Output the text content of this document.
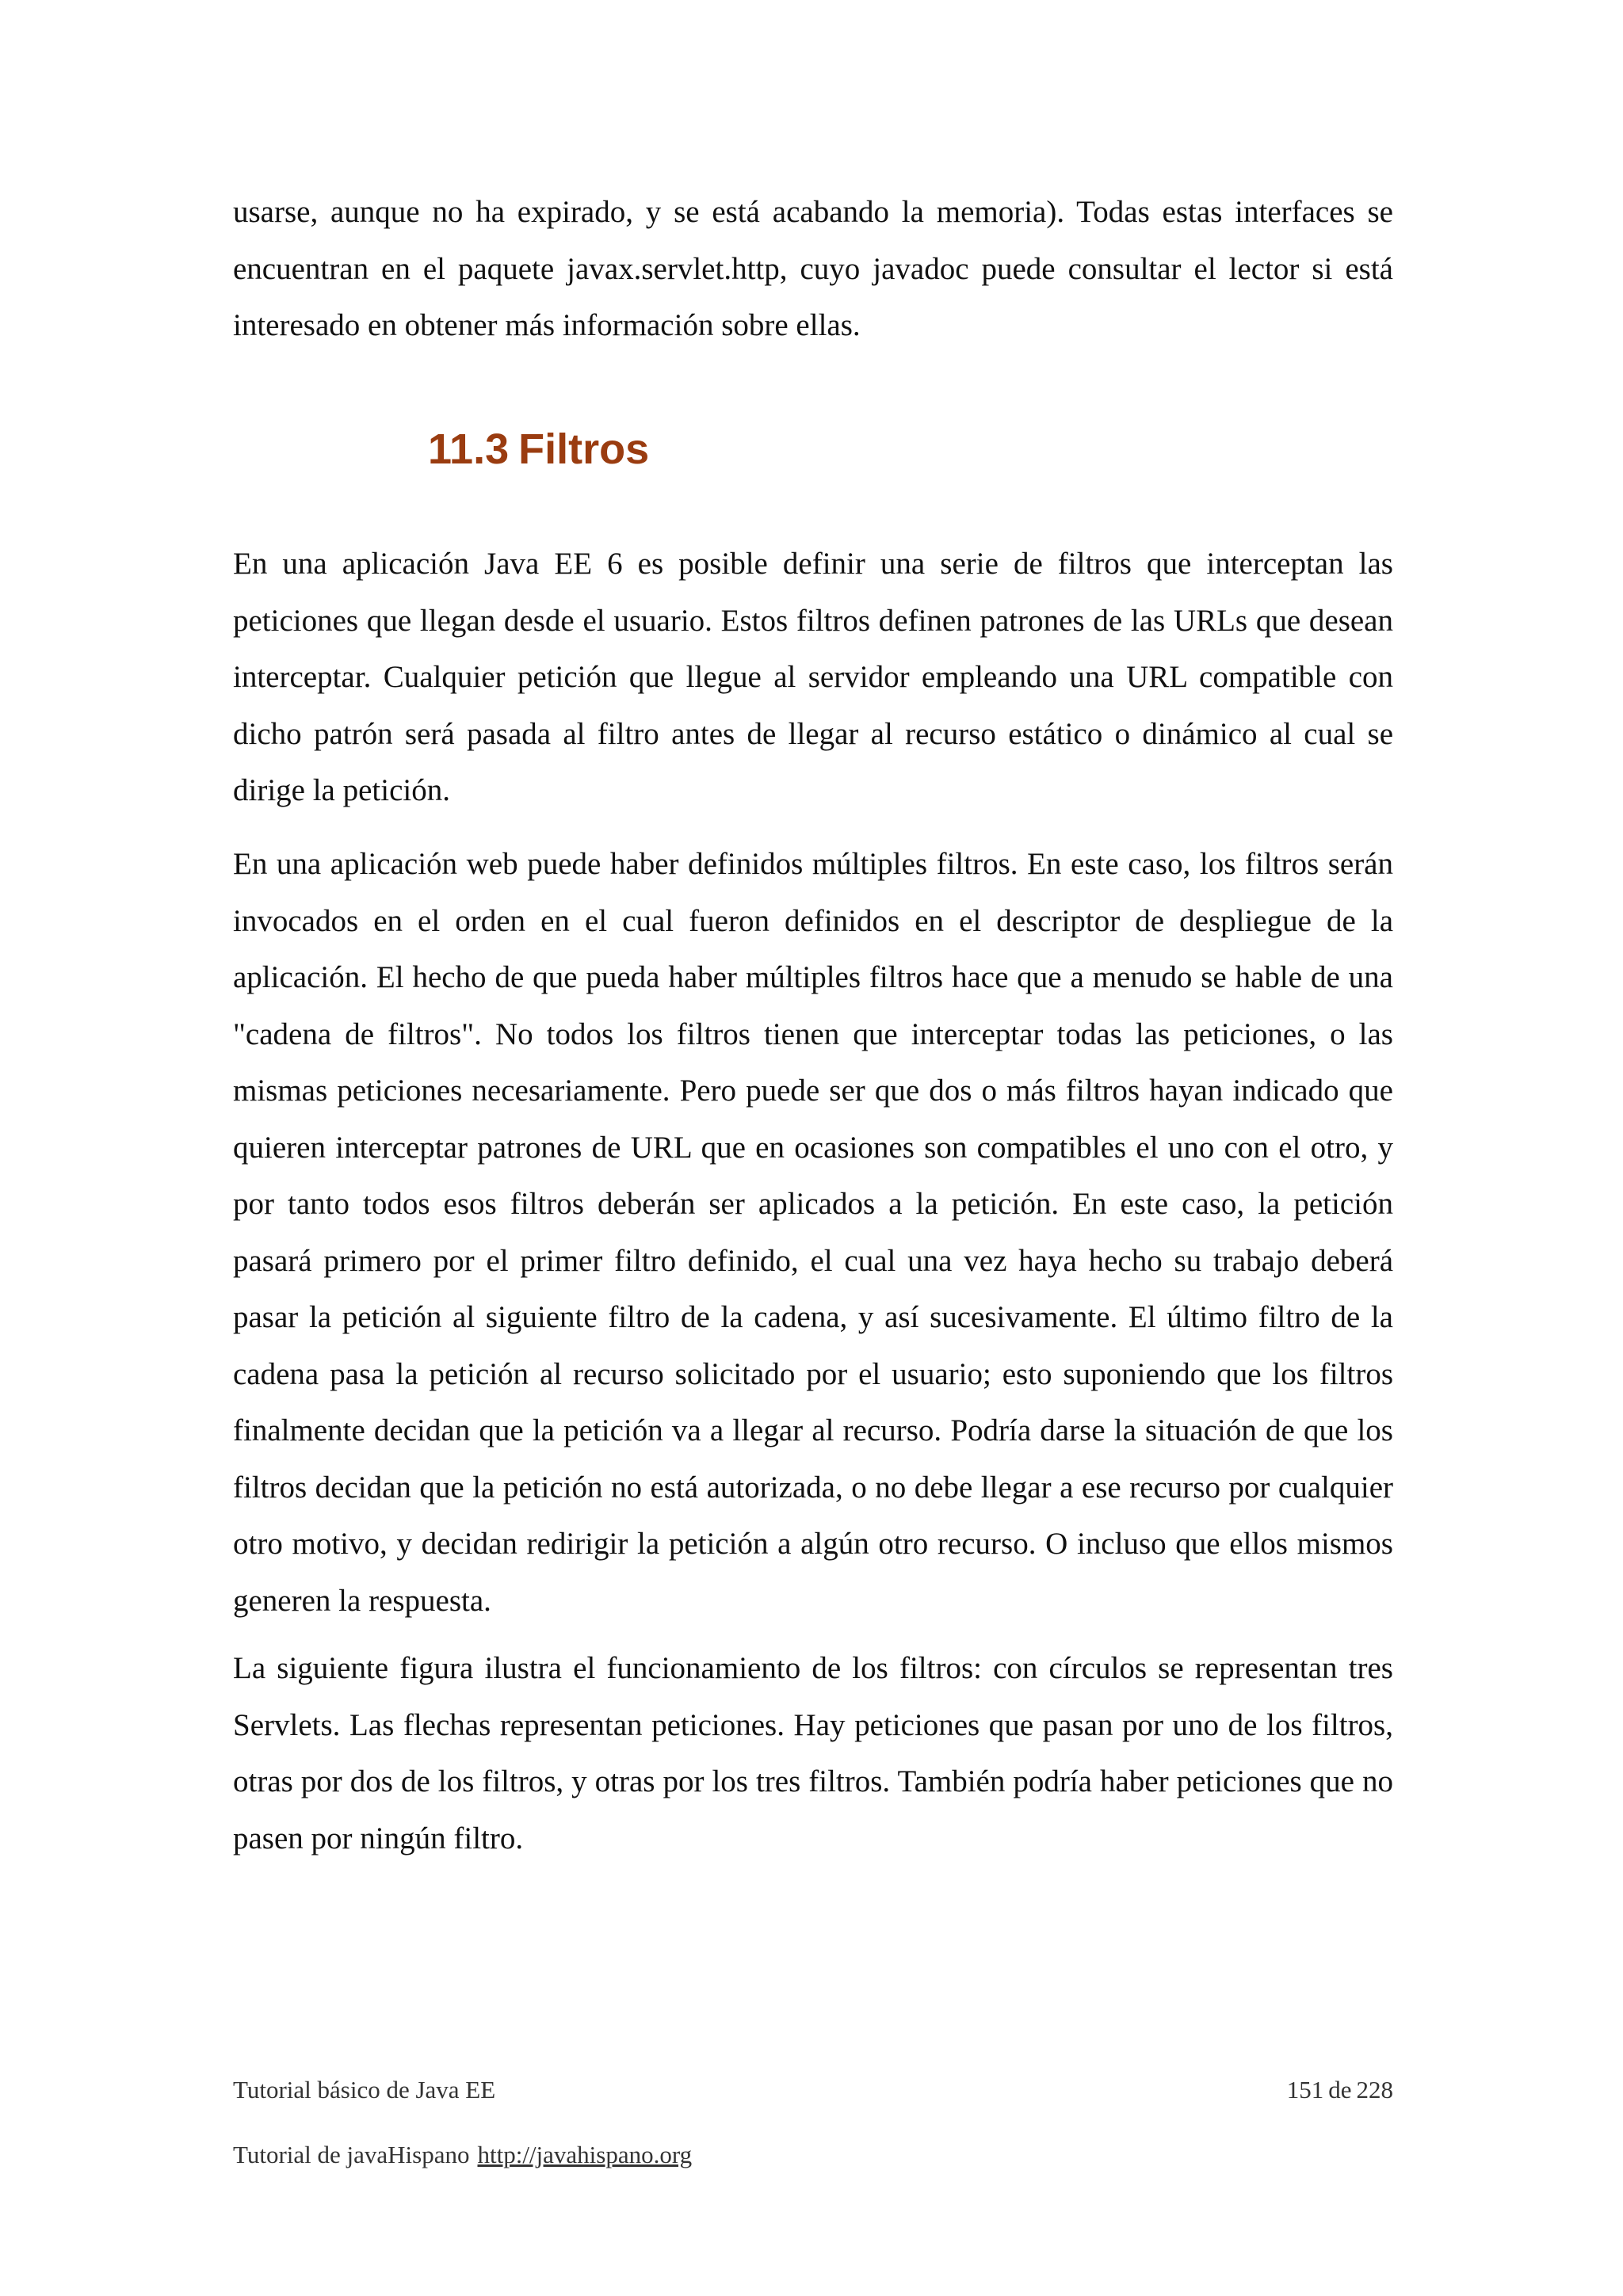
usarse, aunque no ha expirado, y se está acabando la memoria). Todas estas interfaces se encuentran en el paquete javax.servlet.http, cuyo javadoc puede consultar el lector si está interesado en obtener más información sobre ellas.

11.3 Filtros

En una aplicación Java EE 6 es posible definir una serie de filtros que interceptan las peticiones que llegan desde el usuario. Estos filtros definen patrones de las URLs que desean interceptar. Cualquier petición que llegue al servidor empleando una URL compatible con dicho patrón será pasada al filtro antes de llegar al recurso estático o dinámico al cual se dirige la petición.

En una aplicación web puede haber definidos múltiples filtros. En este caso, los filtros serán invocados en el orden en el cual fueron definidos en el descriptor de despliegue de la aplicación. El hecho de que pueda haber múltiples filtros hace que a menudo se hable de una "cadena de filtros". No todos los filtros tienen que interceptar todas las peticiones, o las mismas peticiones necesariamente. Pero puede ser que dos o más filtros hayan indicado que quieren interceptar patrones de URL que en ocasiones son compatibles el uno con el otro, y por tanto todos esos filtros deberán ser aplicados a la petición. En este caso, la petición pasará primero por el primer filtro definido, el cual una vez haya hecho su trabajo deberá pasar la petición al siguiente filtro de la cadena, y así sucesivamente. El último filtro de la cadena pasa la petición al recurso solicitado por el usuario; esto suponiendo que los filtros finalmente decidan que la petición va a llegar al recurso. Podría darse la situación de que los filtros decidan que la petición no está autorizada, o no debe llegar a ese recurso por cualquier otro motivo, y decidan redirigir la petición a algún otro recurso. O incluso que ellos mismos generen la respuesta.

La siguiente figura ilustra el funcionamiento de los filtros: con círculos se representan tres Servlets. Las flechas representan peticiones. Hay peticiones que pasan por uno de los filtros, otras por dos de los filtros, y otras por los tres filtros. También podría haber peticiones que no pasen por ningún filtro.

Tutorial básico de Java EE	151 de 228

Tutorial de javaHispano http://javahispano.org
